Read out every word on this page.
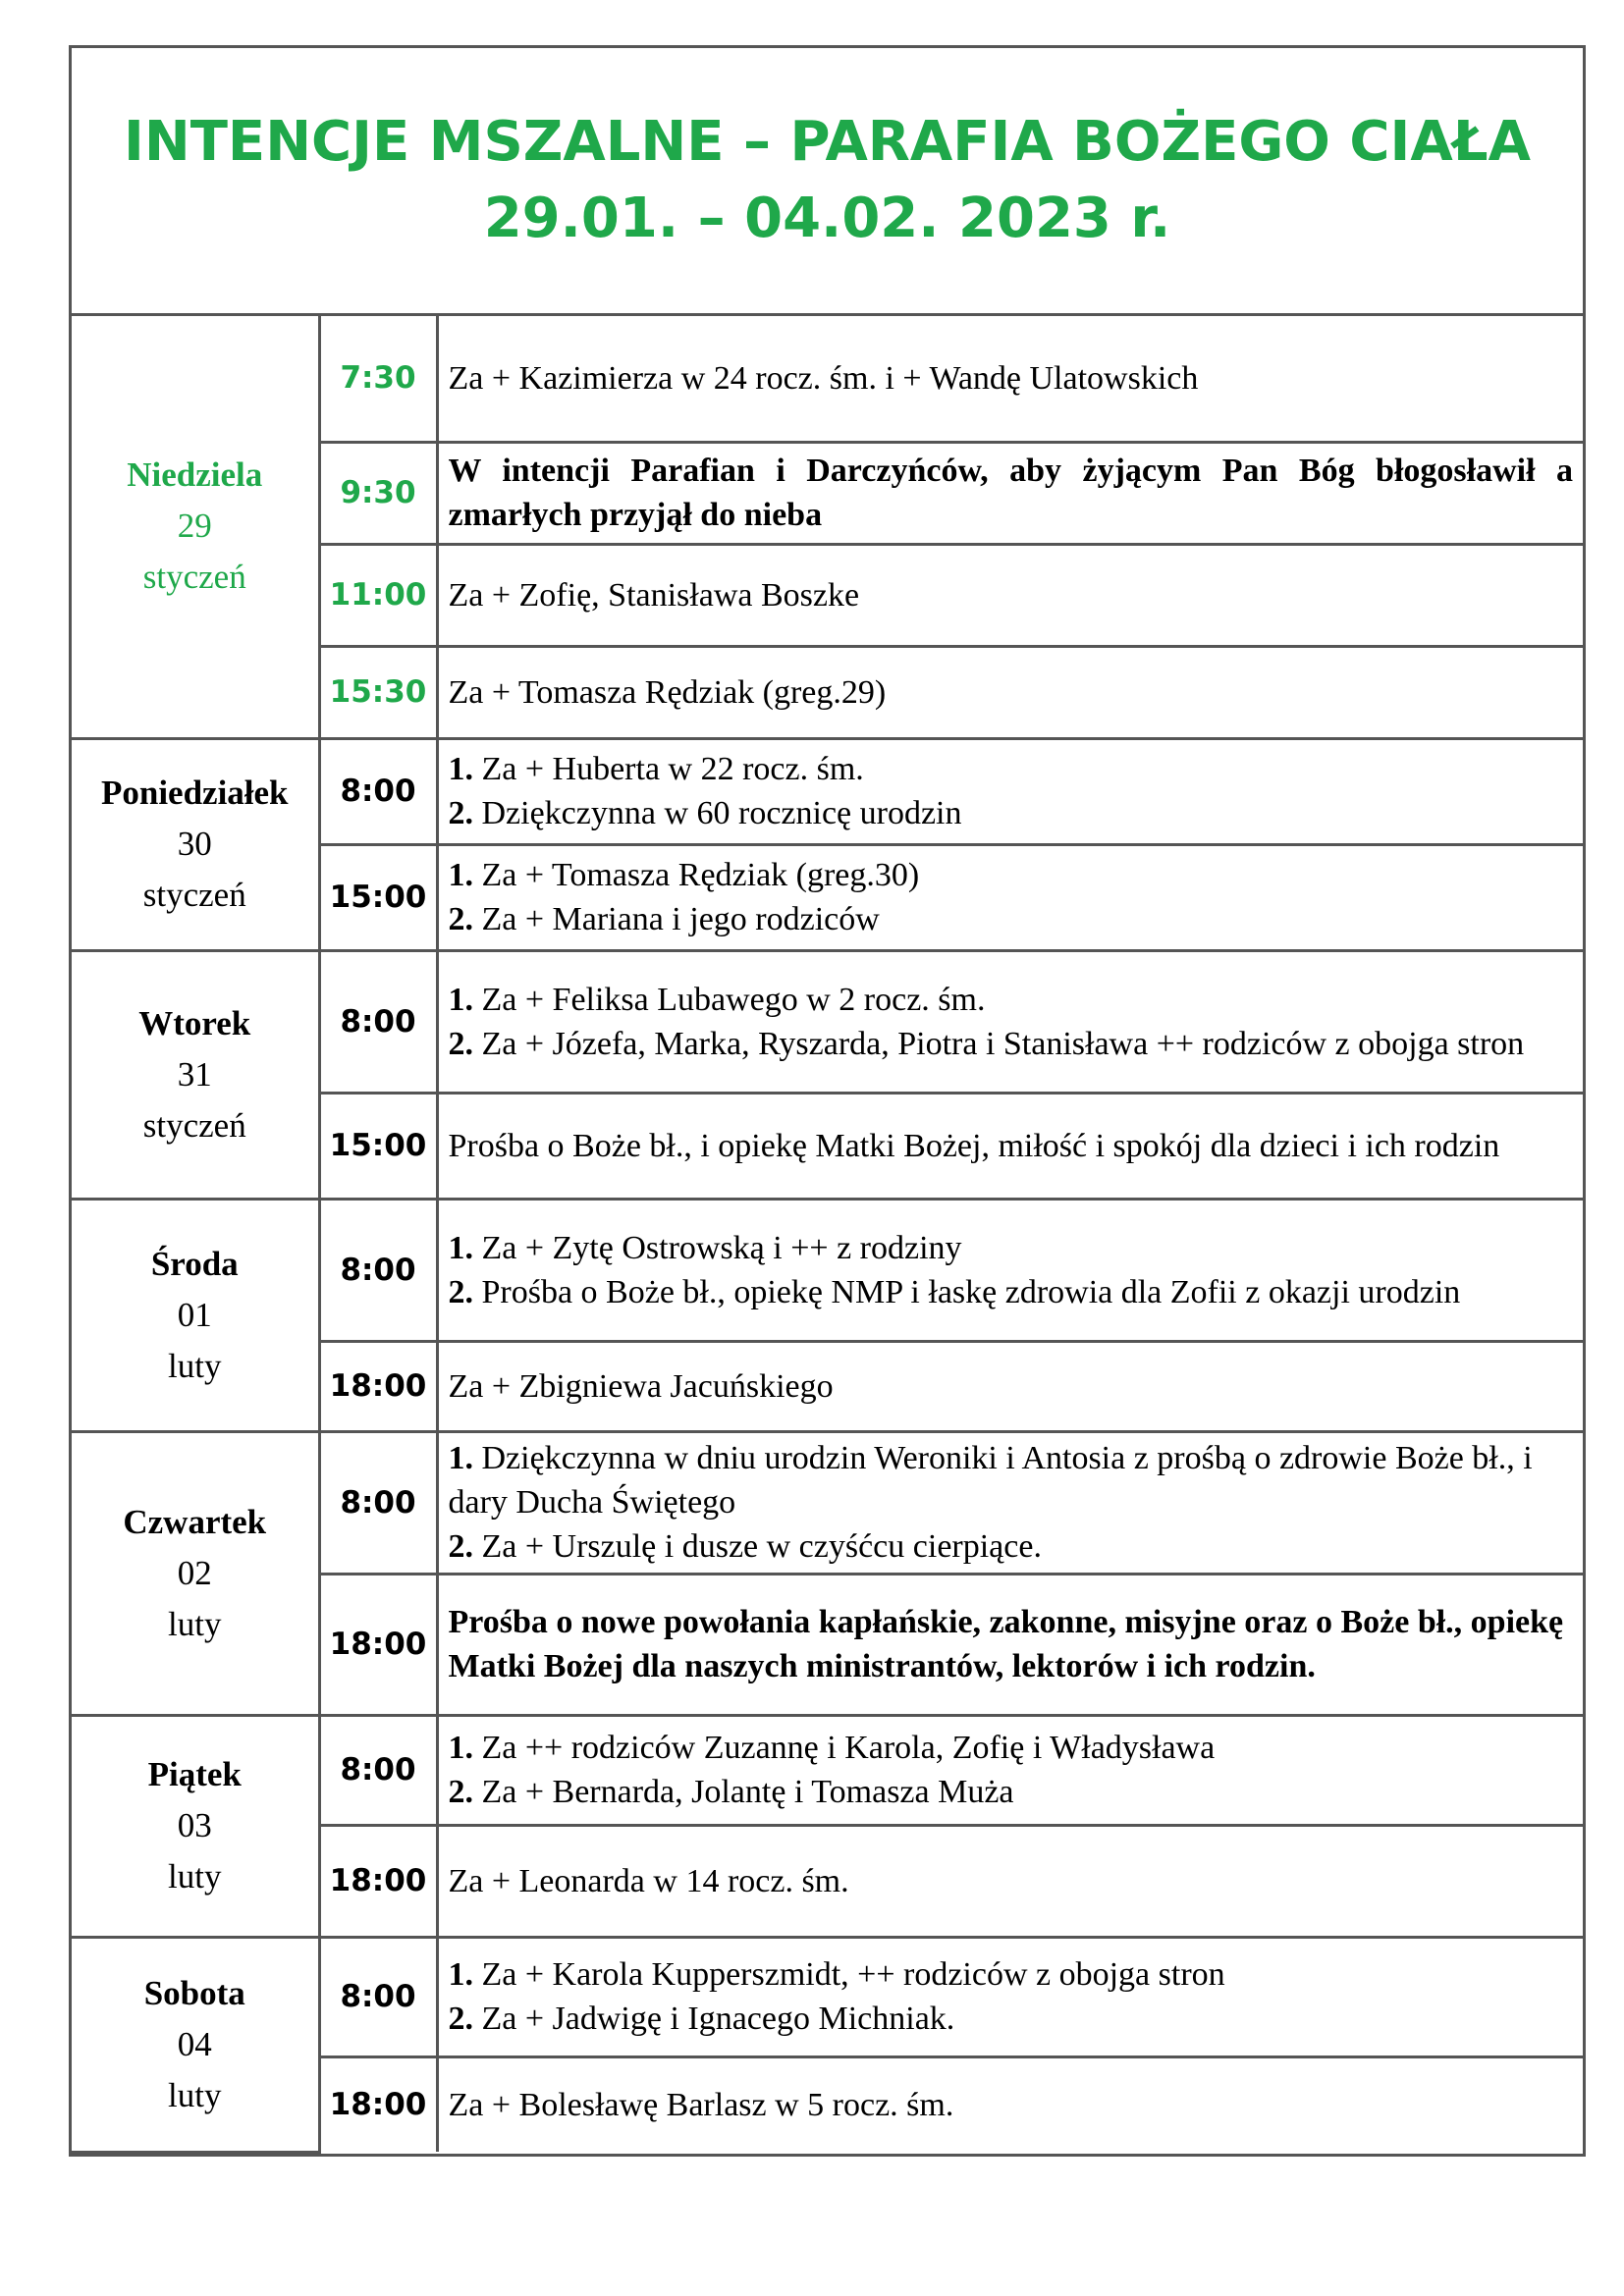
INTENCJE MSZALNE – PARAFIA BOŻEGO CIAŁA
29.01. – 04.02. 2023 r.
Niedziela
29
styczeń	7:30	Za + Kazimierza w 24 rocz. śm. i + Wandę Ulatowskich

	9:30	W intencji Parafian i Darczyńców, aby żyjącym Pan Bóg błogosławił a zmarłych przyjął do nieba

	11:00	Za + Zofię, Stanisława Boszke

	15:30	Za + Tomasza Rędziak (greg.29)

Poniedziałek
30
styczeń	8:00	1. Za + Huberta w 22 rocz. śm.
2. Dziękczynna w 60 rocznicę urodzin

	15:00	1. Za + Tomasza Rędziak (greg.30)
2. Za + Mariana i jego rodziców

Wtorek
31
styczeń	8:00	1. Za + Feliksa Lubawego w 2 rocz. śm.
2. Za + Józefa, Marka, Ryszarda, Piotra i Stanisława ++ rodziców z obojga stron

	15:00	Prośba o Boże bł., i opiekę Matki Bożej, miłość i spokój dla dzieci i ich rodzin

Środa
01
luty	8:00	1. Za + Zytę Ostrowską i ++ z rodziny
2. Prośba o Boże bł., opiekę NMP i łaskę zdrowia dla Zofii z okazji urodzin

	18:00	Za + Zbigniewa Jacuńskiego

Czwartek
02
luty	8:00	1. Dziękczynna w dniu urodzin Weroniki i Antosia z prośbą o zdrowie Boże bł., i dary Ducha Świętego
2. Za + Urszulę i dusze w czyśćcu cierpiące.

	18:00	Prośba o nowe powołania kapłańskie, zakonne, misyjne oraz o Boże bł., opiekę Matki Bożej dla naszych ministrantów, lektorów i ich rodzin.

Piątek
03
luty	8:00	1. Za ++ rodziców Zuzannę i Karola, Zofię i Władysława
2. Za + Bernarda, Jolantę i Tomasza Muża

	18:00	Za + Leonarda w 14 rocz. śm.

Sobota
04
luty	8:00	1. Za + Karola Kupperszmidt, ++ rodziców z obojga stron
2. Za + Jadwigę i Ignacego Michniak.

	18:00	Za + Bolesławę Barlasz w 5 rocz. śm.
